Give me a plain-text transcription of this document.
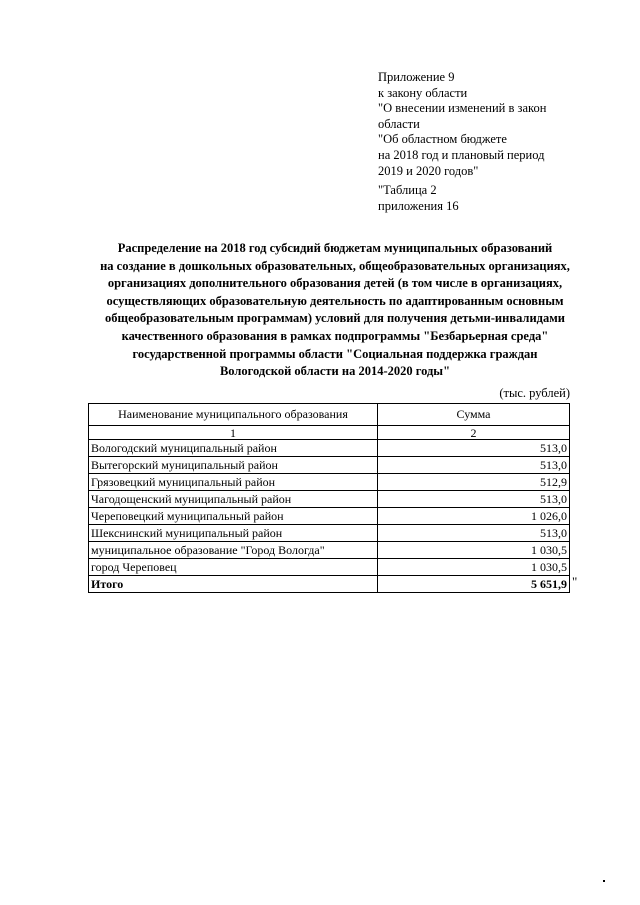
Приложение 9
к закону области
"О внесении изменений в закон
области
"Об областном бюджете
на 2018 год и плановый период
2019 и 2020 годов"
"Таблица 2
приложения 16
Распределение на 2018 год субсидий бюджетам муниципальных образований
на создание в дошкольных образовательных, общеобразовательных организациях,
организациях дополнительного образования детей (в том числе в организациях,
осуществляющих образовательную деятельность по адаптированным основным
общеобразовательным программам) условий для получения детьми-инвалидами
качественного образования в рамках подпрограммы "Безбарьерная среда"
государственной программы области "Социальная поддержка граждан
Вологодской области на 2014-2020 годы"
(тыс. рублей)
Наименование муниципального образования	Сумма
1	2
Вологодский муниципальный район	513,0
Вытегорский муниципальный район	513,0
Грязовецкий муниципальный район	512,9
Чагодощенский муниципальный район	513,0
Череповецкий муниципальный район	1 026,0
Шекснинский муниципальный район	513,0
муниципальное образование "Город Вологда"	1 030,5
город Череповец	1 030,5
Итого	5 651,9 "
